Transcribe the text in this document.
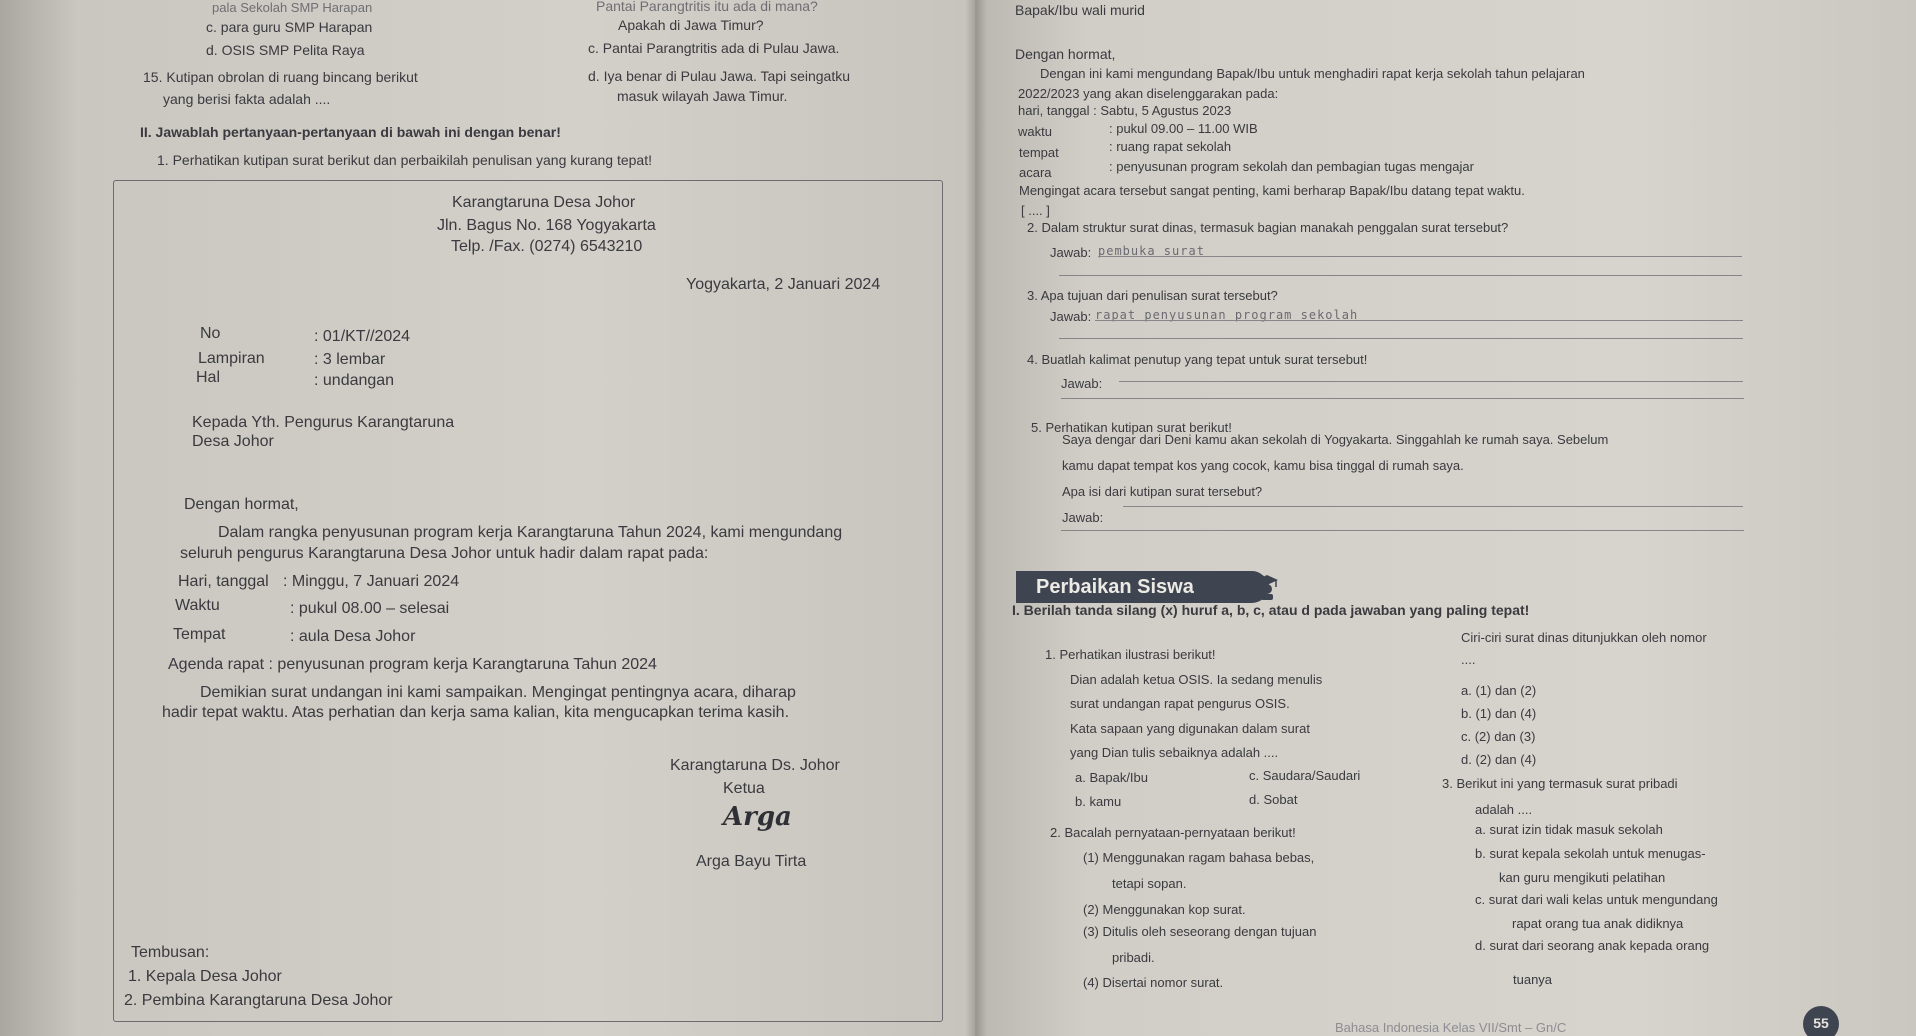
pala Sekolah SMP Harapan
c. para guru SMP Harapan
d. OSIS SMP Pelita Raya
Pantai Parangtritis itu ada di mana?
Apakah di Jawa Timur?
c. Pantai Parangtritis ada di Pulau Jawa.
d. Iya benar di Pulau Jawa. Tapi seingatku
masuk wilayah Jawa Timur.
15. Kutipan obrolan di ruang bincang berikut
yang berisi fakta adalah ....
II. Jawablah pertanyaan-pertanyaan di bawah ini dengan benar!
1. Perhatikan kutipan surat berikut dan perbaikilah penulisan yang kurang tepat!
Karangtaruna Desa Johor
Jln. Bagus No. 168 Yogyakarta
Telp. /Fax. (0274) 6543210
Yogyakarta, 2 Januari 2024
No	: 01/KT//2024
Lampiran	: 3 lembar
Hal	: undangan
Kepada Yth. Pengurus Karangtaruna
Desa Johor
Dengan hormat,
Dalam rangka penyusunan program kerja Karangtaruna Tahun 2024, kami mengundang
seluruh pengurus Karangtaruna Desa Johor untuk hadir dalam rapat pada:
Hari, tanggal : Minggu, 7 Januari 2024
Waktu	: pukul 08.00 – selesai
Tempat	: aula Desa Johor
Agenda rapat : penyusunan program kerja Karangtaruna Tahun 2024
Demikian surat undangan ini kami sampaikan. Mengingat pentingnya acara, diharap
hadir tepat waktu. Atas perhatian dan kerja sama kalian, kita mengucapkan terima kasih.
Karangtaruna Ds. Johor
Ketua
Arga
Arga Bayu Tirta
Tembusan:
1. Kepala Desa Johor
2. Pembina Karangtaruna Desa Johor
Bapak/Ibu wali murid
Dengan hormat,
Dengan ini kami mengundang Bapak/Ibu untuk menghadiri rapat kerja sekolah tahun pelajaran
2022/2023 yang akan diselenggarakan pada:
hari, tanggal : Sabtu, 5 Agustus 2023
waktu	: pukul 09.00 – 11.00 WIB
tempat	: ruang rapat sekolah
acara	: penyusunan program sekolah dan pembagian tugas mengajar
Mengingat acara tersebut sangat penting, kami berharap Bapak/Ibu datang tepat waktu.
[ .... ]
2. Dalam struktur surat dinas, termasuk bagian manakah penggalan surat tersebut?
Jawab: pembuka surat
3. Apa tujuan dari penulisan surat tersebut?
Jawab: rapat penyusunan program sekolah
4. Buatlah kalimat penutup yang tepat untuk surat tersebut!
Jawab:
5. Perhatikan kutipan surat berikut!
Saya dengar dari Deni kamu akan sekolah di Yogyakarta. Singgahlah ke rumah saya. Sebelum
kamu dapat tempat kos yang cocok, kamu bisa tinggal di rumah saya.
Apa isi dari kutipan surat tersebut?
Jawab:
Perbaikan Siswa
I. Berilah tanda silang (x) huruf a, b, c, atau d pada jawaban yang paling tepat!
1. Perhatikan ilustrasi berikut!
Dian adalah ketua OSIS. Ia sedang menulis
surat undangan rapat pengurus OSIS.
Kata sapaan yang digunakan dalam surat
yang Dian tulis sebaiknya adalah ....
a. Bapak/Ibu	c. Saudara/Saudari
b. kamu	d. Sobat
2. Bacalah pernyataan-pernyataan berikut!
(1) Menggunakan ragam bahasa bebas,
tetapi sopan.
(2) Menggunakan kop surat.
(3) Ditulis oleh seseorang dengan tujuan
pribadi.
(4) Disertai nomor surat.
Ciri-ciri surat dinas ditunjukkan oleh nomor
....
a. (1) dan (2)
b. (1) dan (4)
c. (2) dan (3)
d. (2) dan (4)
3. Berikut ini yang termasuk surat pribadi
adalah ....
a. surat izin tidak masuk sekolah
b. surat kepala sekolah untuk menugas-
kan guru mengikuti pelatihan
c. surat dari wali kelas untuk mengundang
rapat orang tua anak didiknya
d. surat dari seorang anak kepada orang
tuanya
Bahasa Indonesia Kelas VII/Smt – Gn/C	55
